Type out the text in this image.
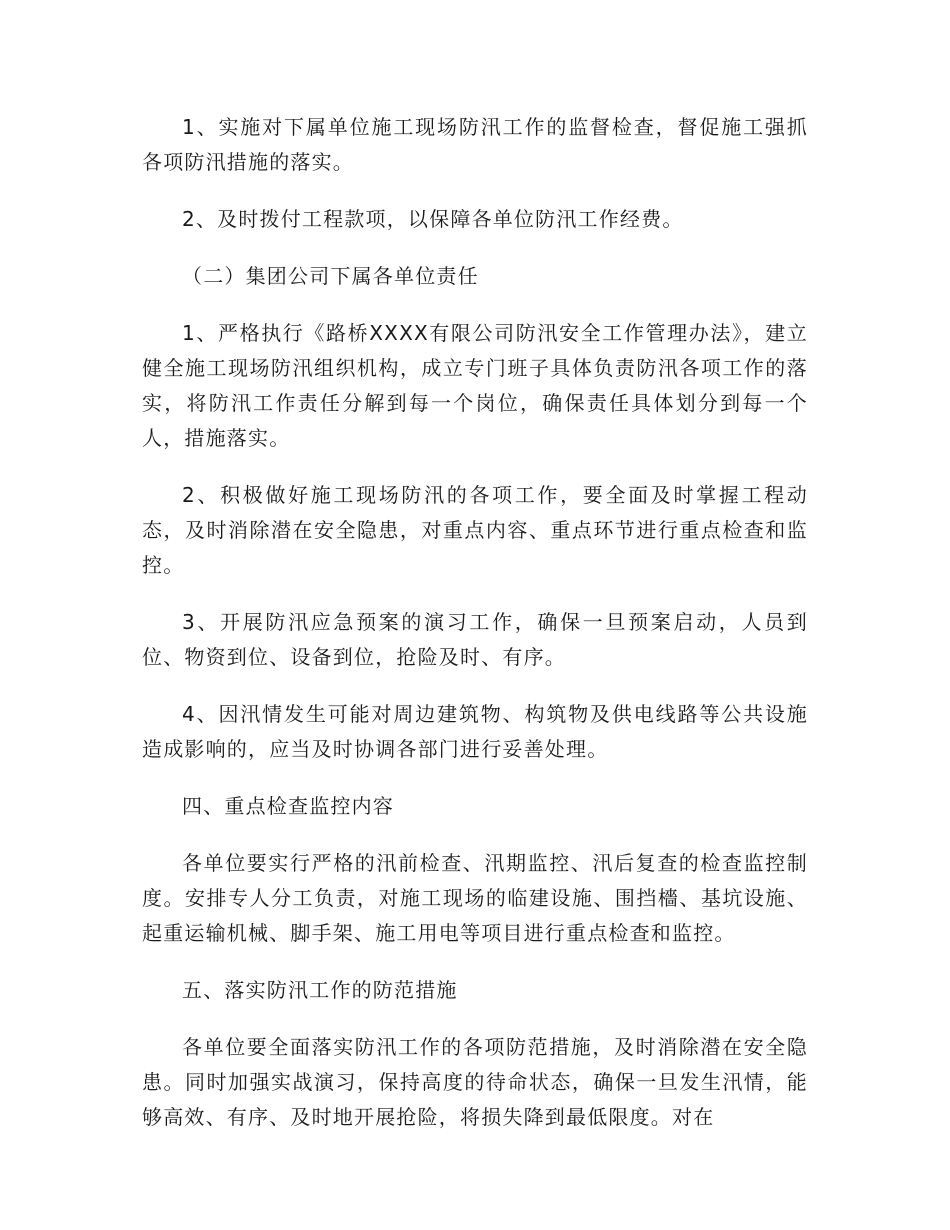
1、实施对下属单位施工现场防汛工作的监督检查，督促施工强抓各项防汛措施的落实。

2、及时拨付工程款项，以保障各单位防汛工作经费。

（二）集团公司下属各单位责任

1、严格执行《路桥XXXX有限公司防汛安全工作管理办法》，建立健全施工现场防汛组织机构，成立专门班子具体负责防汛各项工作的落实，将防汛工作责任分解到每一个岗位，确保责任具体划分到每一个人，措施落实。

2、积极做好施工现场防汛的各项工作，要全面及时掌握工程动态，及时消除潜在安全隐患，对重点内容、重点环节进行重点检查和监控。

3、开展防汛应急预案的演习工作，确保一旦预案启动，人员到位、物资到位、设备到位，抢险及时、有序。

4、因汛情发生可能对周边建筑物、构筑物及供电线路等公共设施造成影响的，应当及时协调各部门进行妥善处理。

四、重点检查监控内容

各单位要实行严格的汛前检查、汛期监控、汛后复查的检查监控制度。安排专人分工负责，对施工现场的临建设施、围挡檣、基坑设施、起重运输机械、脚手架、施工用电等项目进行重点检查和监控。

五、落实防汛工作的防范措施

各单位要全面落实防汛工作的各项防范措施，及时消除潜在安全隐患。同时加强实战演习，保持高度的待命状态，确保一旦发生汛情，能够高效、有序、及时地开展抢险，将损失降到最低限度。对在
